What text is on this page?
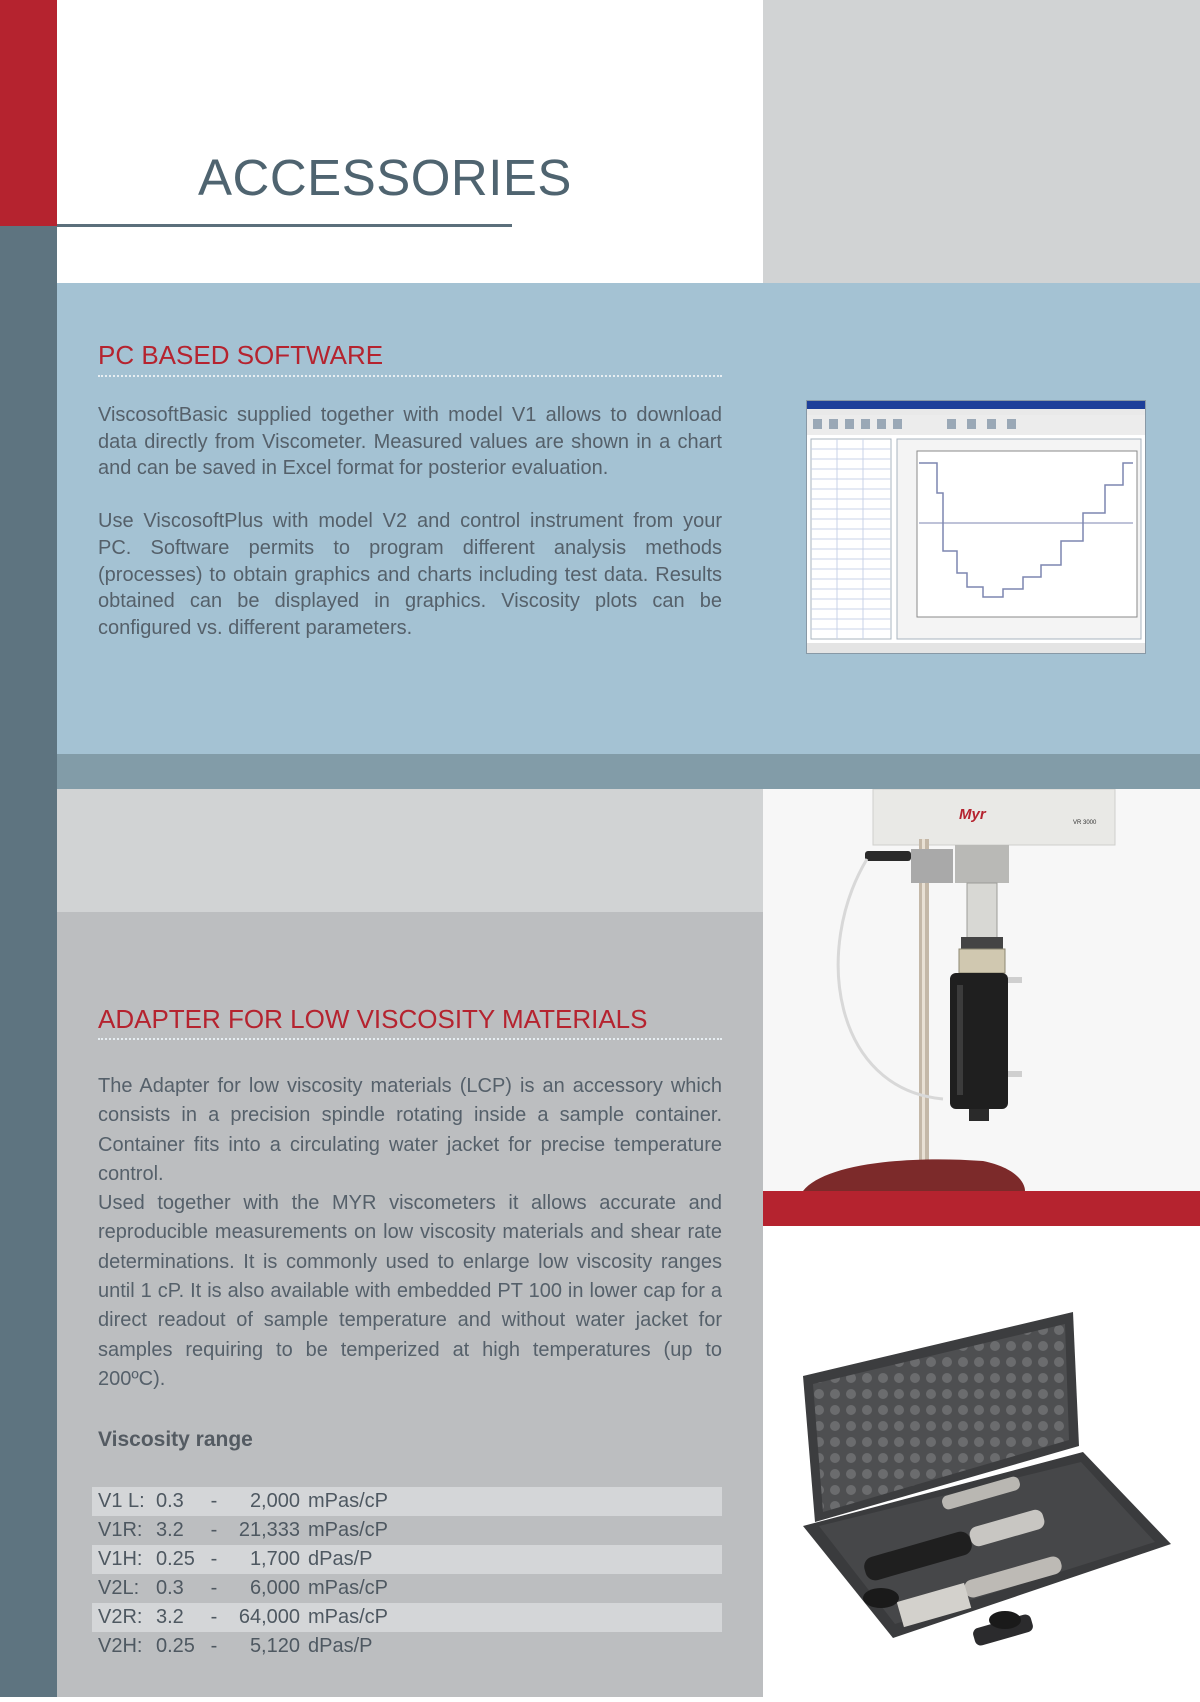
ACCESSORIES
PC BASED SOFTWARE

ViscosoftBasic supplied together with model V1 allows to download data directly from Viscometer. Measured values are shown in a chart and can be saved in Excel format for posterior evaluation.

Use ViscosoftPlus with model V2 and control instrument from your PC. Software permits to program different analysis methods (processes) to obtain graphics and charts including test data. Results obtained can be displayed in graphics. Viscosity plots can be configured vs. different parameters.

ADAPTER FOR LOW VISCOSITY MATERIALS

The Adapter for low viscosity materials (LCP) is an accessory which consists in a precision spindle rotating inside a sample container. Container fits into a circulating water jacket for precise temperature control.

Used together with the MYR viscometers it allows accurate and reproducible measurements on low viscosity materials and shear rate determinations. It is commonly used to enlarge low viscosity ranges until 1 cP. It is also available with embedded PT 100 in lower cap for a direct readout of sample temperature and without water jacket for samples requiring to be temperized at high temperatures (up to 200ºC).

Viscosity range
V1 L: 0.3	-	2,000 mPas/cP
V1R: 3.2	-	21,333 mPas/cP
V1H: 0.25 -	1,700 dPas/P
V2L: 0.3	-	6,000 mPas/cP
V2R: 3.2	-	64,000 mPas/cP
V2H: 0.25 -	5,120 dPas/P
Myr	VR 3000
